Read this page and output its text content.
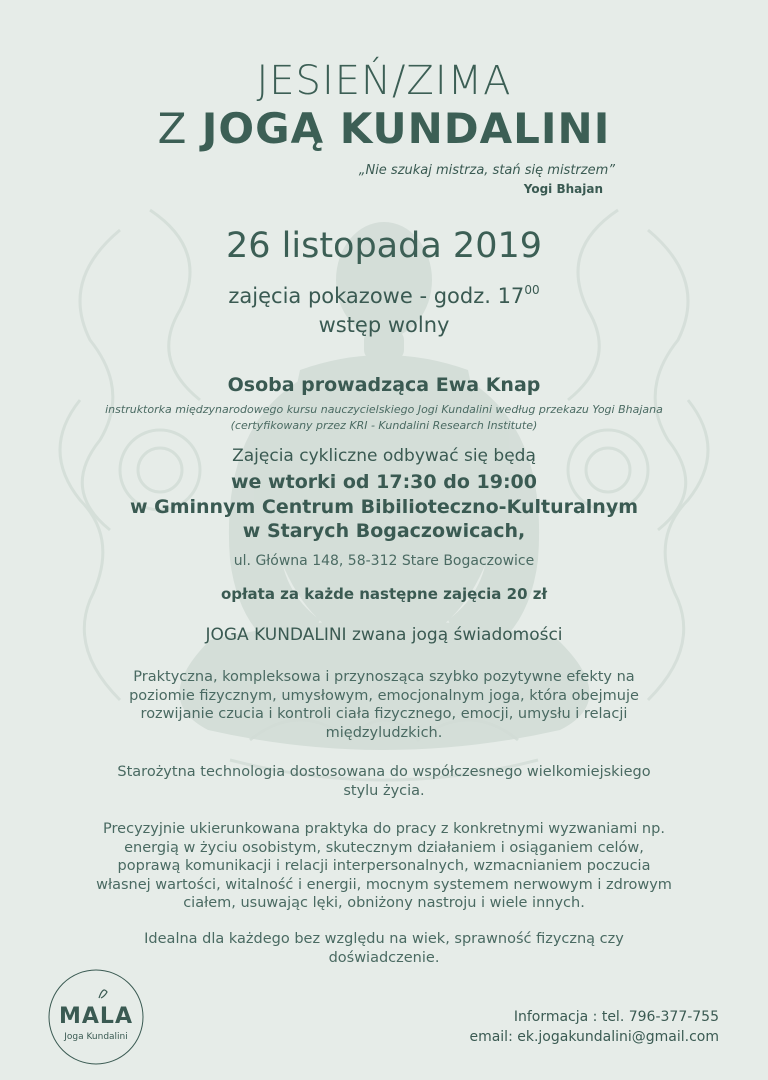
JESIEŃ/ZIMA
Z JOGĄ KUNDALINI
„Nie szukaj mistrza, stań się mistrzem”
Yogi Bhajan
26 listopada 2019
zajęcia pokazowe - godz. $17^{00}$
wstęp wolny
Osoba prowadząca Ewa Knap
instruktorka międzynarodowego kursu nauczycielskiego Jogi Kundalini według przekazu Yogi Bhajana
(certyfikowany przez KRI - Kundalini Research Institute)
Zajęcia cykliczne odbywać się będą
we wtorki od 17:30 do 19:00
w Gminnym Centrum Bibilioteczno-Kulturalnym
w Starych Bogaczowicach,
ul. Główna 148, 58-312 Stare Bogaczowice
opłata za każde następne zajęcia 20 zł
JOGA KUNDALINI zwana jogą świadomości
Praktyczna, kompleksowa i przynosząca szybko pozytywne efekty na
poziomie fizycznym, umysłowym, emocjonalnym joga, która obejmuje
rozwijanie czucia i kontroli ciała fizycznego, emocji, umysłu i relacji
międzyludzkich.
Starożytna technologia dostosowana do współczesnego wielkomiejskiego
stylu życia.
Precyzyjnie ukierunkowana praktyka do pracy z konkretnymi wyzwaniami np.
energią w życiu osobistym, skutecznym działaniem i osiąganiem celów,
poprawą komunikacji i relacji interpersonalnych, wzmacnianiem poczucia
własnej wartości, witalność i energii, mocnym systemem nerwowym i zdrowym
ciałem, usuwając lęki, obniżony nastroju i wiele innych.
Idealna dla każdego bez względu na wiek, sprawność fizyczną czy
doświadczenie.
MALA
Joga Kundalini
Informacja : tel. 796-377-755
email: ek.jogakundalini@gmail.com
